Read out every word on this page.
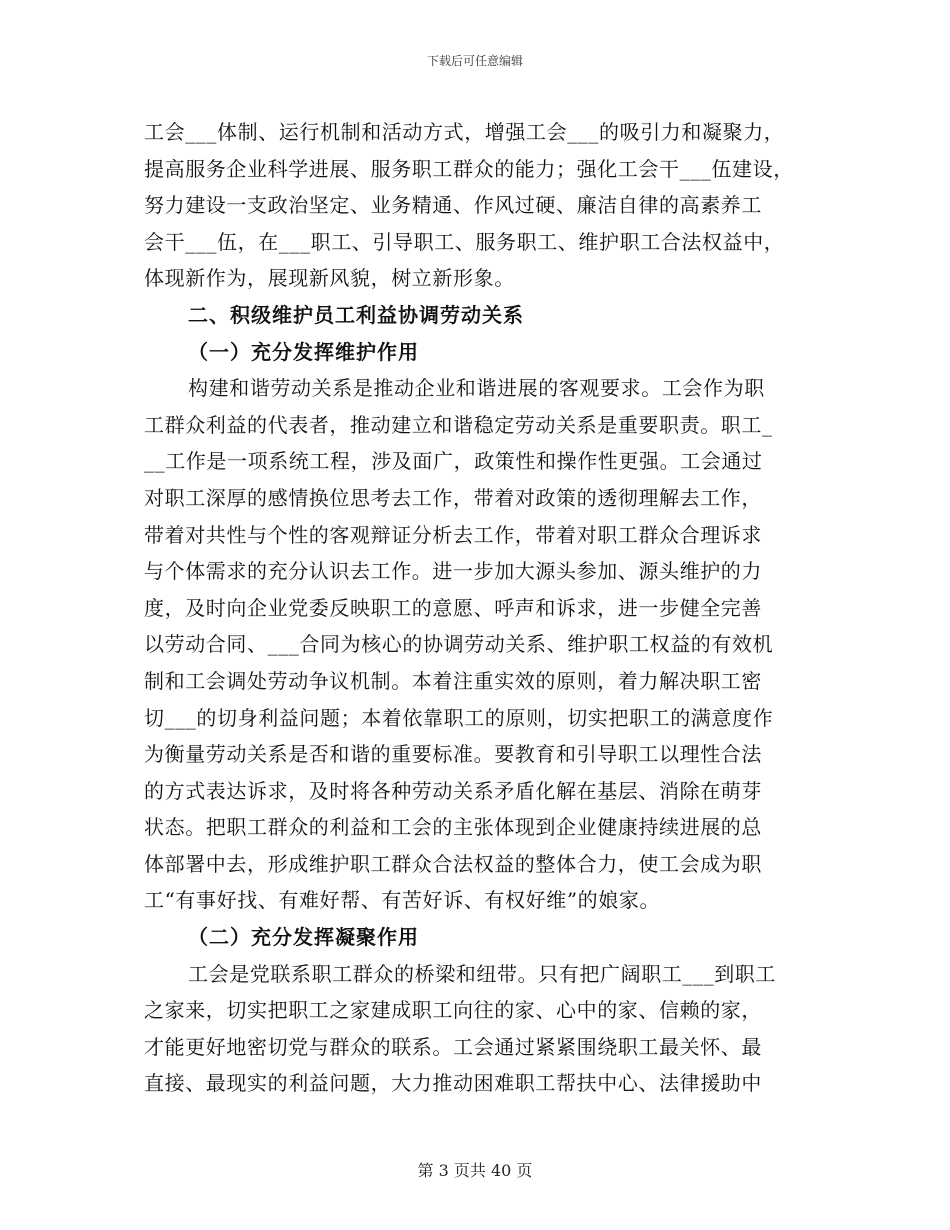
下载后可任意编辑
工会___体制、运行机制和活动方式，增强工会___的吸引力和凝聚力，
提高服务企业科学进展、服务职工群众的能力；强化工会干___伍建设，
努力建设一支政治坚定、业务精通、作风过硬、廉洁自律的高素养工
会干___伍，在___职工、引导职工、服务职工、维护职工合法权益中，
体现新作为，展现新风貌，树立新形象。
二、积级维护员工利益协调劳动关系
（一）充分发挥维护作用
构建和谐劳动关系是推动企业和谐进展的客观要求。工会作为职
工群众利益的代表者，推动建立和谐稳定劳动关系是重要职责。职工_
__工作是一项系统工程，涉及面广，政策性和操作性更强。工会通过
对职工深厚的感情换位思考去工作，带着对政策的透彻理解去工作，
带着对共性与个性的客观辩证分析去工作，带着对职工群众合理诉求
与个体需求的充分认识去工作。进一步加大源头参加、源头维护的力
度，及时向企业党委反映职工的意愿、呼声和诉求，进一步健全完善
以劳动合同、___合同为核心的协调劳动关系、维护职工权益的有效机
制和工会调处劳动争议机制。本着注重实效的原则，着力解决职工密
切___的切身利益问题；本着依靠职工的原则，切实把职工的满意度作
为衡量劳动关系是否和谐的重要标准。要教育和引导职工以理性合法
的方式表达诉求，及时将各种劳动关系矛盾化解在基层、消除在萌芽
状态。把职工群众的利益和工会的主张体现到企业健康持续进展的总
体部署中去，形成维护职工群众合法权益的整体合力，使工会成为职
工“有事好找、有难好帮、有苦好诉、有权好维”的娘家。
（二）充分发挥凝聚作用
工会是党联系职工群众的桥梁和纽带。只有把广阔职工___到职工
之家来，切实把职工之家建成职工向往的家、心中的家、信赖的家，
才能更好地密切党与群众的联系。工会通过紧紧围绕职工最关怀、最
直接、最现实的利益问题，大力推动困难职工帮扶中心、法律援助中
第 3 页共 40 页
